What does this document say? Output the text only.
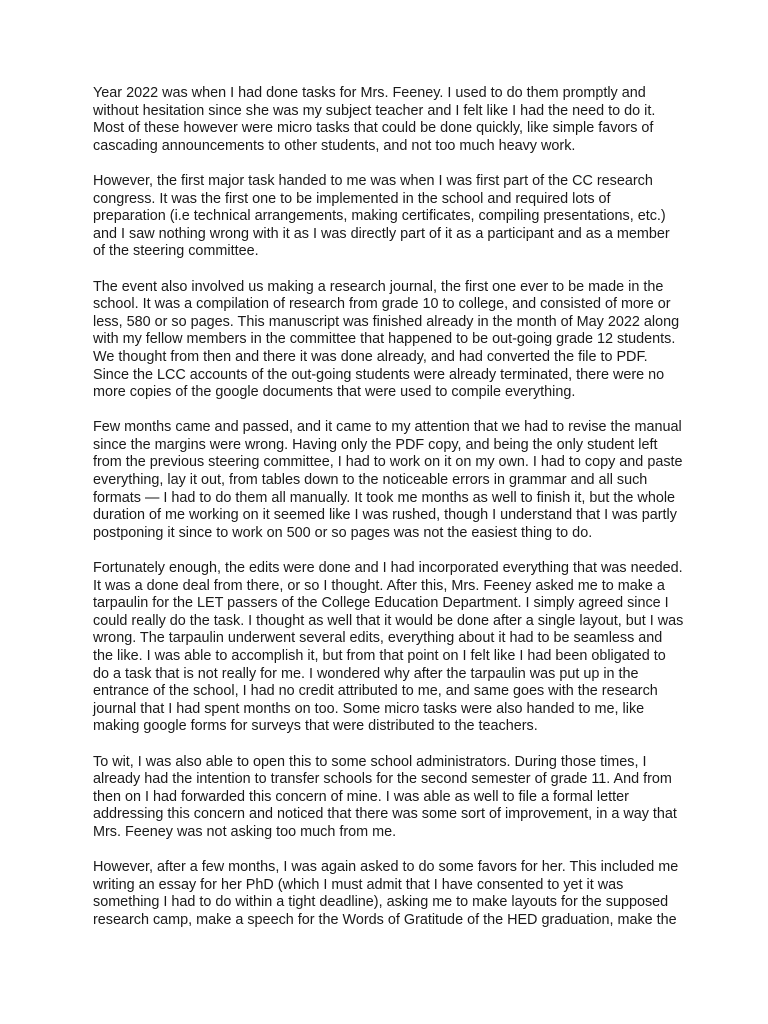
Year 2022 was when I had done tasks for Mrs. Feeney. I used to do them promptly and
without hesitation since she was my subject teacher and I felt like I had the need to do it.
Most of these however were micro tasks that could be done quickly, like simple favors of
cascading announcements to other students, and not too much heavy work.

However, the first major task handed to me was when I was first part of the CC research
congress. It was the first one to be implemented in the school and required lots of
preparation (i.e technical arrangements, making certificates, compiling presentations, etc.)
and I saw nothing wrong with it as I was directly part of it as a participant and as a member
of the steering committee.

The event also involved us making a research journal, the first one ever to be made in the
school. It was a compilation of research from grade 10 to college, and consisted of more or
less, 580 or so pages. This manuscript was finished already in the month of May 2022 along
with my fellow members in the committee that happened to be out-going grade 12 students.
We thought from then and there it was done already, and had converted the file to PDF.
Since the LCC accounts of the out-going students were already terminated, there were no
more copies of the google documents that were used to compile everything.

Few months came and passed, and it came to my attention that we had to revise the manual
since the margins were wrong. Having only the PDF copy, and being the only student left
from the previous steering committee, I had to work on it on my own. I had to copy and paste
everything, lay it out, from tables down to the noticeable errors in grammar and all such
formats — I had to do them all manually. It took me months as well to finish it, but the whole
duration of me working on it seemed like I was rushed, though I understand that I was partly
postponing it since to work on 500 or so pages was not the easiest thing to do.

Fortunately enough, the edits were done and I had incorporated everything that was needed.
It was a done deal from there, or so I thought. After this, Mrs. Feeney asked me to make a
tarpaulin for the LET passers of the College Education Department. I simply agreed since I
could really do the task. I thought as well that it would be done after a single layout, but I was
wrong. The tarpaulin underwent several edits, everything about it had to be seamless and
the like. I was able to accomplish it, but from that point on I felt like I had been obligated to
do a task that is not really for me. I wondered why after the tarpaulin was put up in the
entrance of the school, I had no credit attributed to me, and same goes with the research
journal that I had spent months on too. Some micro tasks were also handed to me, like
making google forms for surveys that were distributed to the teachers.

To wit, I was also able to open this to some school administrators. During those times, I
already had the intention to transfer schools for the second semester of grade 11. And from
then on I had forwarded this concern of mine. I was able as well to file a formal letter
addressing this concern and noticed that there was some sort of improvement, in a way that
Mrs. Feeney was not asking too much from me.

However, after a few months, I was again asked to do some favors for her. This included me
writing an essay for her PhD (which I must admit that I have consented to yet it was
something I had to do within a tight deadline), asking me to make layouts for the supposed
research camp, make a speech for the Words of Gratitude of the HED graduation, make the
